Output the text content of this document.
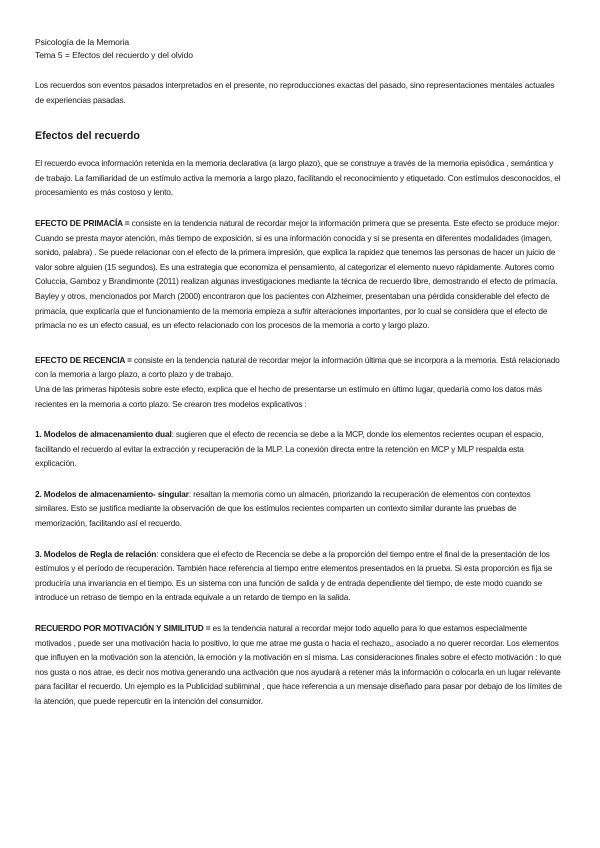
Psicología de la Memoria
Tema 5 = Efectos del recuerdo y del olvido

Los recuerdos son eventos pasados interpretados en el presente, no reproducciones exactas del pasado, sino representaciones mentales actuales de experiencias pasadas.

Efectos del recuerdo

El recuerdo evoca información retenida en la memoria declarativa (a largo plazo), que se construye a través de la memoria episódica , semántica y de trabajo. La familiaridad de un estímulo activa la memoria a largo plazo, facilitando el reconocimiento y etiquetado. Con estímulos desconocidos, el procesamiento es más costoso y lento.

EFECTO DE PRIMACÍA = consiste en la tendencia natural de recordar mejor la información primera que se presenta. Este efecto se produce mejor: Cuando se presta mayor atención, más tiempo de exposición, si es una información conocida y si se presenta en diferentes modalidades (imagen, sonido, palabra) . Se puede relacionar con el efecto de la primera impresión, que explica la rapidez que tenemos las personas de hacer un juicio de valor sobre alguien (15 segundos). Es una estrategia que economiza el pensamiento, al categorizar el elemento nuevo rápidamente. Autores como Coluccia, Gamboz y Brandimonte (2011) realizan algunas investigaciones mediante la técnica de recuerdo libre, demostrando el efecto de primacía. Bayley y otros, mencionados por March (2000) encontraron que los pacientes con Alzheimer, presentaban una pérdida considerable del efecto de primacía, que explicaría que el funcionamiento de la memoria empieza a sufrir alteraciones importantes, por lo cual se considera que el efecto de primacía no es un efecto casual, es un efecto relacionado con los procesos de la memoria a corto y largo plazo.

EFECTO DE RECENCIA = consiste en la tendencia natural de recordar mejor la información última que se incorpora a la memoria. Está relacionado con la memoria a largo plazo, a corto plazo y de trabajo.

Una de las primeras hipótesis sobre este efecto, explica que el hecho de presentarse un estímulo en último lugar, quedaría como los datos más recientes en la memoria a corto plazo. Se crearon tres modelos explicativos :

1. Modelos de almacenamiento dual: sugieren que el efecto de recencia se debe a la MCP, donde los elementos recientes ocupan el espacio, facilitando el recuerdo al evitar la extracción y recuperación de la MLP. La conexión directa entre la retención en MCP y MLP respalda esta explicación.

2. Modelos de almacenamiento- singular: resaltan la memoria como un almacén, priorizando la recuperación de elementos con contextos similares. Esto se justifica mediante la observación de que los estímulos recientes comparten un contexto similar durante las pruebas de memorización, facilitando así el recuerdo.

3. Modelos de Regla de relación: considera que el efecto de Recencia se debe a la proporción del tiempo entre el final de la presentación de los estímulos y el período de recuperación. También hace referencia al tiempo entre elementos presentados en la prueba. Si esta proporción es fija se produciría una invariancia en el tiempo. Es un sistema con una función de salida y de entrada dependiente del tiempo, de este modo cuando se introduce un retraso de tiempo en la entrada equivale a un retardo de tiempo en la salida.

RECUERDO POR MOTIVACIÓN Y SIMILITUD = es la tendencia natural a recordar mejor todo aquello para lo que estamos especialmente motivados , puede ser una motivación hacia lo positivo, lo que me atrae me gusta o hacia el rechazo,, asociado a no querer recordar. Los elementos que influyen en la motivación son la atención, la emoción y la motivación en sí misma. Las consideraciones finales sobre el efecto motivación : lo que nos gusta o nos atrae, es decir nos motiva generando una activación que nos ayudará a retener más la información o colocarla en un lugar relevante para facilitar el recuerdo. Un ejemplo es la Publicidad subliminal , que hace referencia a un mensaje diseñado para pasar por debajo de los límites de la atención, que puede repercutir en la intención del consumidor.
